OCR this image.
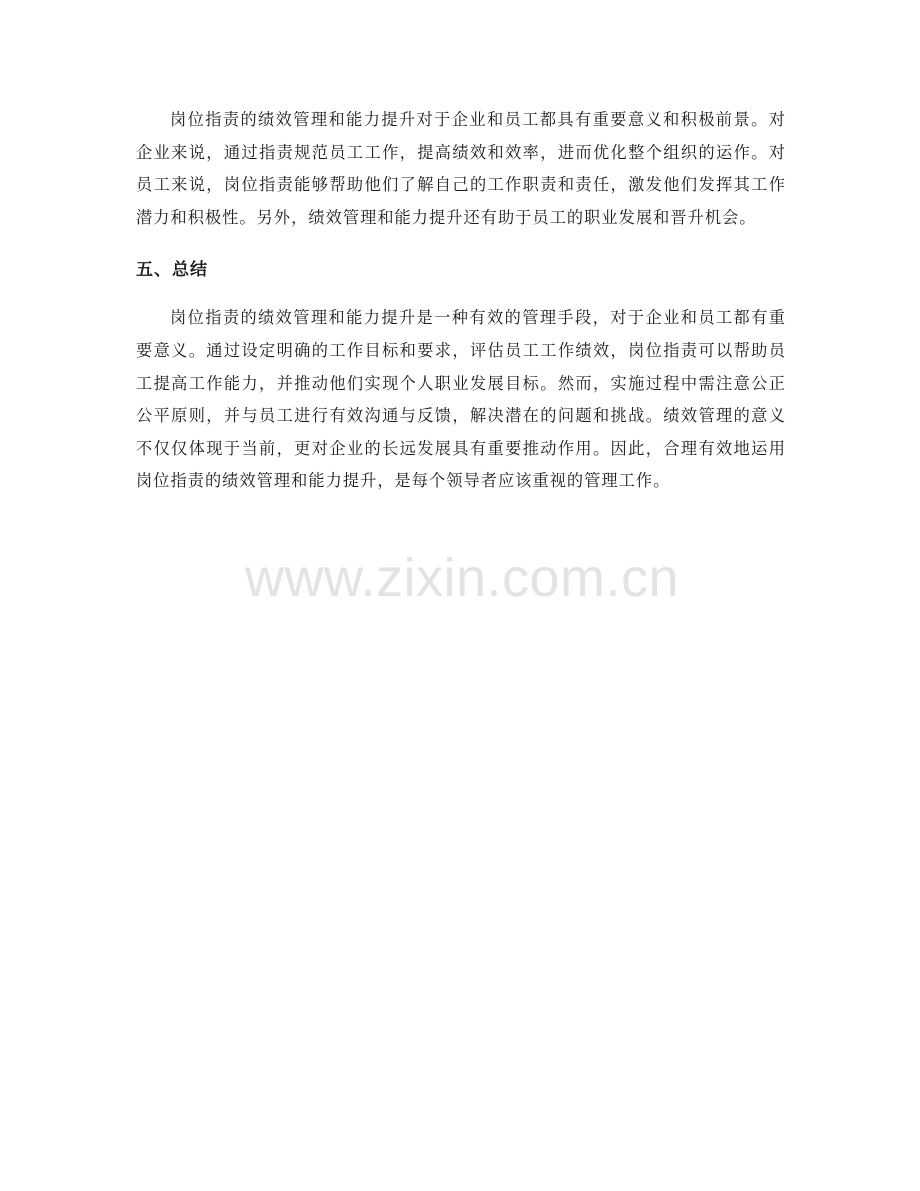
岗位指责的绩效管理和能力提升对于企业和员工都具有重要意义和积极前景。对企业来说，通过指责规范员工工作，提高绩效和效率，进而优化整个组织的运作。对员工来说，岗位指责能够帮助他们了解自己的工作职责和责任，激发他们发挥其工作潜力和积极性。另外，绩效管理和能力提升还有助于员工的职业发展和晋升机会。

五、总结

岗位指责的绩效管理和能力提升是一种有效的管理手段，对于企业和员工都有重要意义。通过设定明确的工作目标和要求，评估员工工作绩效，岗位指责可以帮助员工提高工作能力，并推动他们实现个人职业发展目标。然而，实施过程中需注意公正公平原则，并与员工进行有效沟通与反馈，解决潜在的问题和挑战。绩效管理的意义不仅仅体现于当前，更对企业的长远发展具有重要推动作用。因此，合理有效地运用岗位指责的绩效管理和能力提升，是每个领导者应该重视的管理工作。

www.zixin.com.cn
